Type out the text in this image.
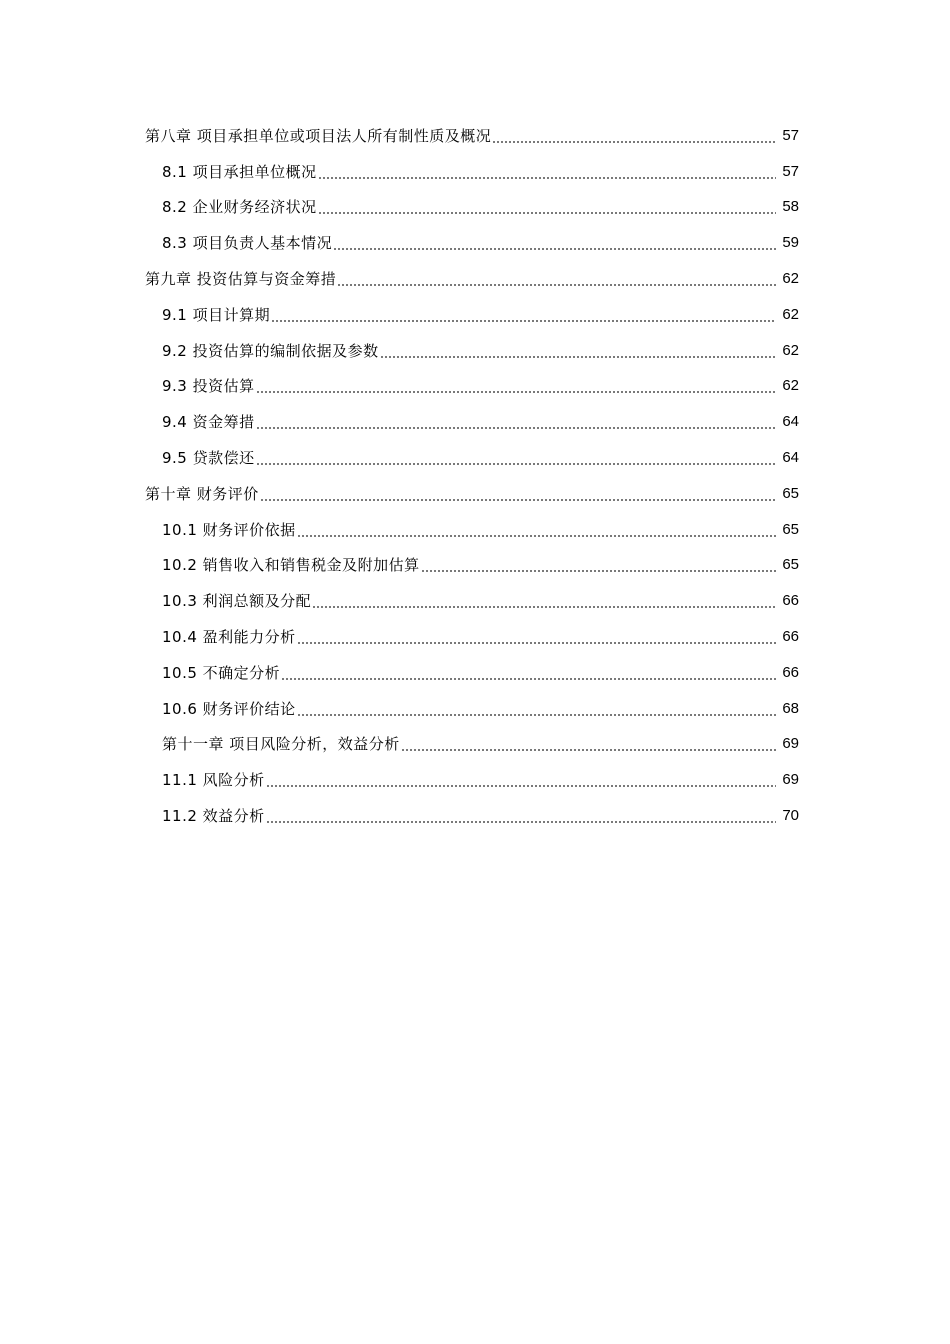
第八章 项目承担单位或项目法人所有制性质及概况	57
8.1 项目承担单位概况	57
8.2 企业财务经济状况	58
8.3 项目负责人基本情况	59
第九章 投资估算与资金筹措	62
9.1 项目计算期	62
9.2 投资估算的编制依据及参数	62
9.3 投资估算	62
9.4 资金筹措	64
9.5 贷款偿还	64
第十章 财务评价	65
10.1 财务评价依据	65
10.2 销售收入和销售税金及附加估算	65
10.3 利润总额及分配	66
10.4 盈利能力分析	66
10.5 不确定分析	66
10.6 财务评价结论	68
第十一章 项目风险分析，效益分析	69
11.1 风险分析	69
11.2 效益分析	70
